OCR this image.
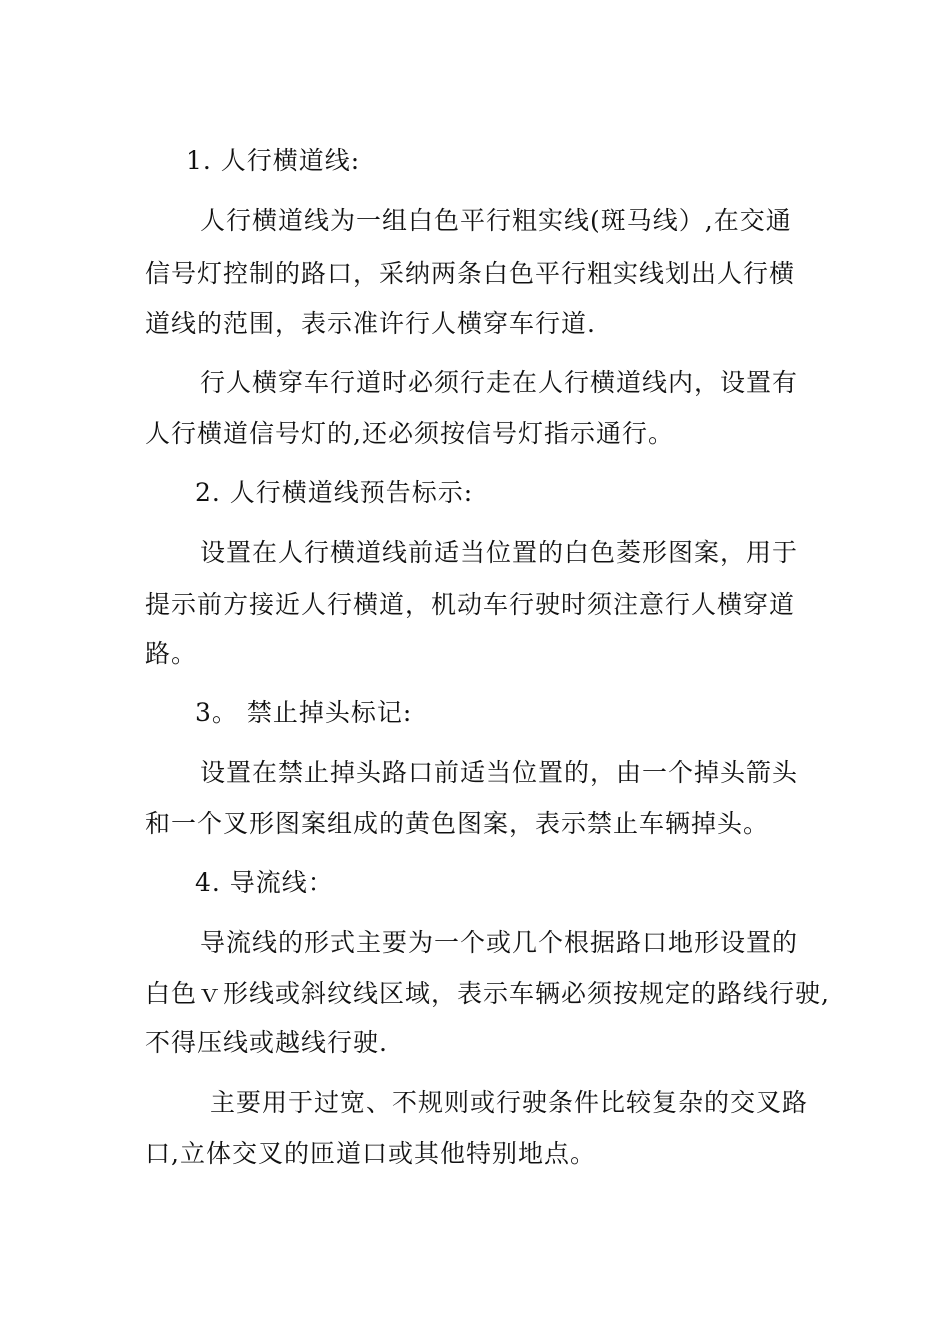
1. 人行横道线:
人行横道线为一组白色平行粗实线(斑马线）,在交通
信号灯控制的路口，采纳两条白色平行粗实线划出人行横
道线的范围，表示准许行人横穿车行道.
行人横穿车行道时必须行走在人行横道线内，设置有
人行横道信号灯的,还必须按信号灯指示通行。
2. 人行横道线预告标示:
设置在人行横道线前适当位置的白色菱形图案，用于
提示前方接近人行横道，机动车行驶时须注意行人横穿道
路。
3。 禁止掉头标记:
设置在禁止掉头路口前适当位置的，由一个掉头箭头
和一个叉形图案组成的黄色图案，表示禁止车辆掉头。
4. 导流线：
导流线的形式主要为一个或几个根据路口地形设置的
白色ｖ形线或斜纹线区域，表示车辆必须按规定的路线行驶,
不得压线或越线行驶.
主要用于过宽、不规则或行驶条件比较复杂的交叉路
口,立体交叉的匝道口或其他特别地点。
